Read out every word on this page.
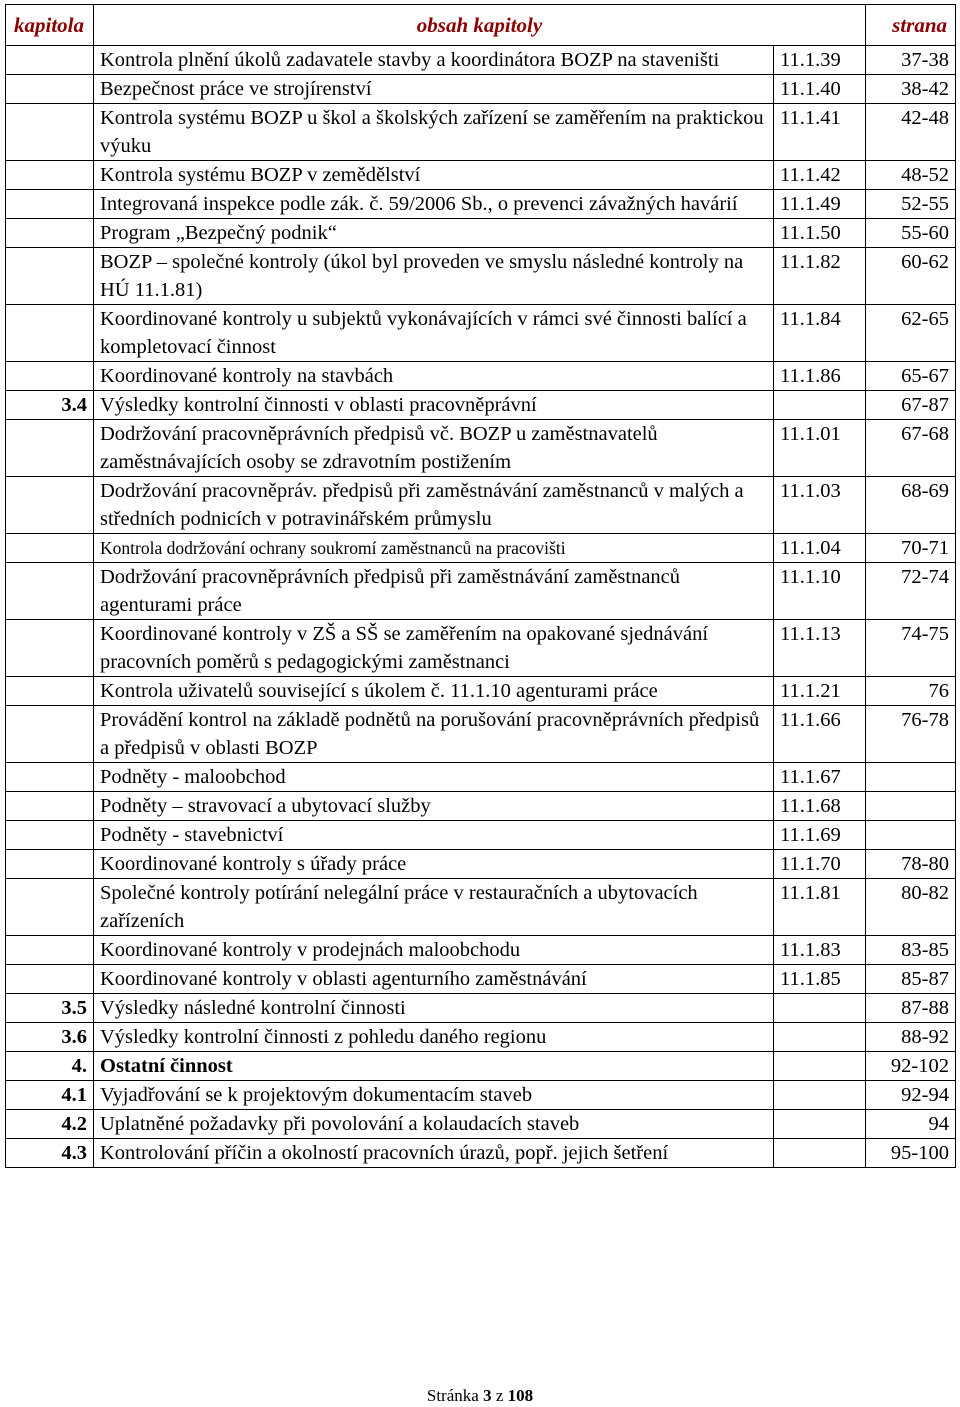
kapitola	obsah kapitoly		strana
	Kontrola plnění úkolů zadavatele stavby a koordinátora BOZP na staveništi	11.1.39	37-38
	Bezpečnost práce ve strojírenství	11.1.40	38-42
	Kontrola systému BOZP u škol a školských zařízení se zaměřením na praktickou výuku	11.1.41	42-48
	Kontrola systému BOZP v zemědělství	11.1.42	48-52
	Integrovaná inspekce podle zák. č. 59/2006 Sb., o prevenci závažných havárií	11.1.49	52-55
	Program „Bezpečný podnik“	11.1.50	55-60
	BOZP – společné kontroly (úkol byl proveden ve smyslu následné kontroly na HÚ 11.1.81)	11.1.82	60-62
	Koordinované kontroly u subjektů vykonávajících v rámci své činnosti balící a kompletovací činnost	11.1.84	62-65
	Koordinované kontroly na stavbách	11.1.86	65-67
3.4	Výsledky kontrolní činnosti v oblasti pracovněprávní		67-87
	Dodržování pracovněprávních předpisů vč. BOZP u zaměstnavatelů zaměstnávajících osoby se zdravotním postižením	11.1.01	67-68
	Dodržování pracovněpráv. předpisů při zaměstnávání zaměstnanců v malých a středních podnicích v potravinářském průmyslu	11.1.03	68-69
	Kontrola dodržování ochrany soukromí zaměstnanců na pracovišti	11.1.04	70-71
	Dodržování pracovněprávních předpisů při zaměstnávání zaměstnanců agenturami práce	11.1.10	72-74
	Koordinované kontroly v ZŠ a SŠ se zaměřením na opakované sjednávání pracovních poměrů s pedagogickými zaměstnanci	11.1.13	74-75
	Kontrola uživatelů související s úkolem č. 11.1.10 agenturami práce	11.1.21	76
	Provádění kontrol na základě podnětů na porušování pracovněprávních předpisů a předpisů v oblasti BOZP	11.1.66	76-78
	Podněty - maloobchod	11.1.67	
	Podněty – stravovací a ubytovací služby	11.1.68	
	Podněty - stavebnictví	11.1.69	
	Koordinované kontroly s úřady práce	11.1.70	78-80
	Společné kontroly potírání nelegální práce v restauračních a ubytovacích zařízeních	11.1.81	80-82
	Koordinované kontroly v prodejnách maloobchodu	11.1.83	83-85
	Koordinované kontroly v oblasti agenturního zaměstnávání	11.1.85	85-87
3.5	Výsledky následné kontrolní činnosti		87-88
3.6	Výsledky kontrolní činnosti z pohledu daného regionu		88-92
4.	Ostatní činnost		92-102
4.1	Vyjadřování se k projektovým dokumentacím staveb		92-94
4.2	Uplatněné požadavky při povolování a kolaudacích staveb		94
4.3	Kontrolování příčin a okolností pracovních úrazů, popř. jejich šetření		95-100
Stránka 3 z 108
